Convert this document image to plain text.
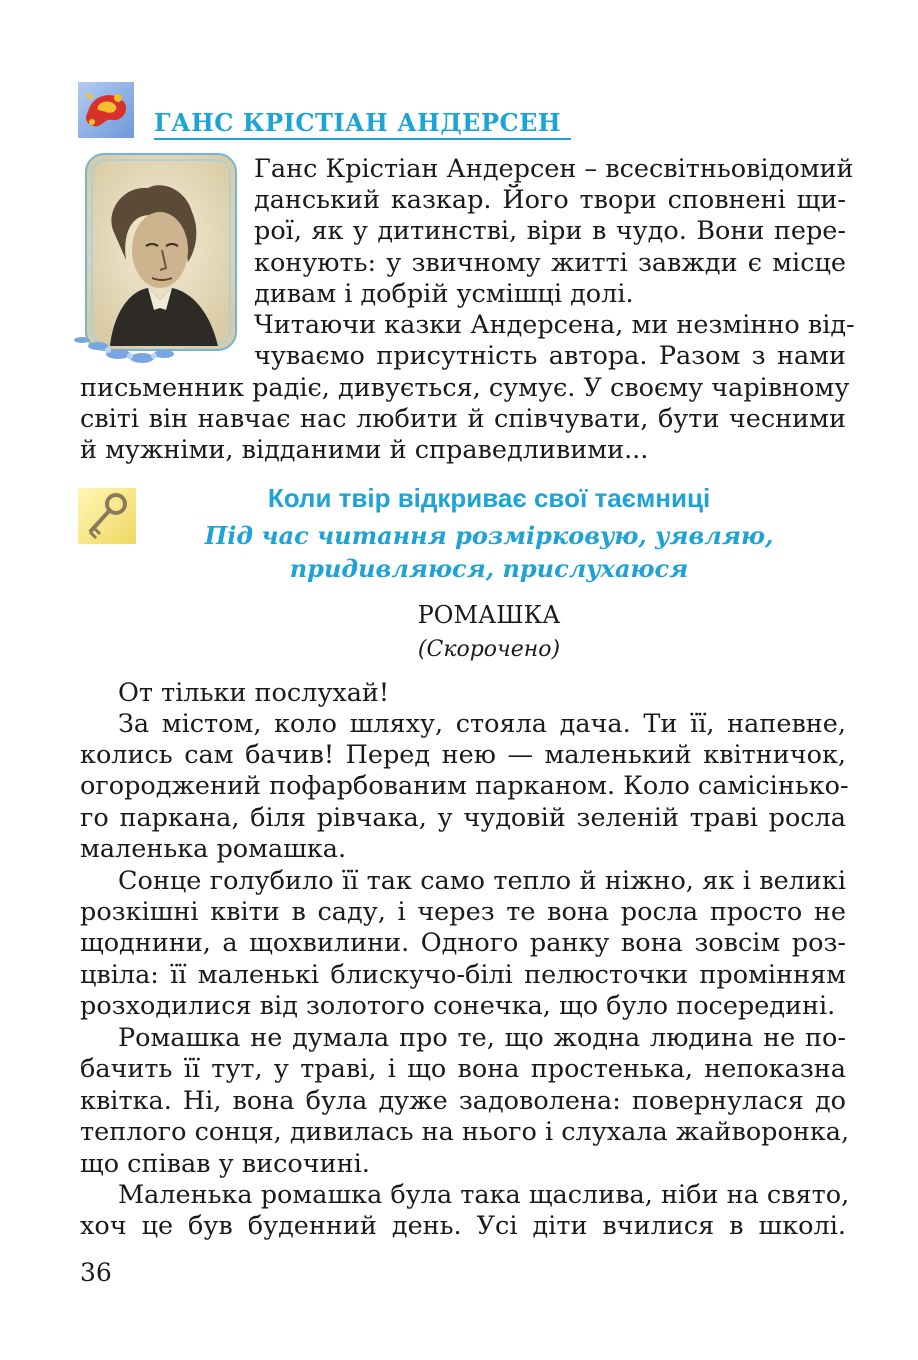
ГАНС КРІСТІАН АНДЕРСЕН
Ганс Крістіан Андерсен – всесвітньовідомий
данський казкар. Його твори сповнені щи-
рої, як у дитинстві, віри в чудо. Вони пере-
конують: у звичному житті завжди є місце
дивам і добрій усмішці долі.
Читаючи казки Андерсена, ми незмінно від-
чуваємо присутність автора. Разом з нами
письменник радіє, дивується, сумує. У своєму чарівному
світі він навчає нас любити й співчувати, бути чесними
й мужніми, відданими й справедливими...
Коли твір відкриває свої таємниці
Під час читання розмірковую, уявляю,
придивляюся, прислухаюся
РОМАШКА
(Скорочено)
От тільки послухай!
За містом, коло шляху, стояла дача. Ти її, напевне,
колись сам бачив! Перед нею — маленький квітничок,
огороджений пофарбованим парканом. Коло самісінько-
го паркана, біля рівчака, у чудовій зеленій траві росла
маленька ромашка.
Сонце голубило її так само тепло й ніжно, як і великі
розкішні квіти в саду, і через те вона росла просто не
щоднини, а щохвилини. Одного ранку вона зовсім роз-
цвіла: її маленькі блискучо-білі пелюсточки промінням
розходилися від золотого сонечка, що було посередині.
Ромашка не думала про те, що жодна людина не по-
бачить її тут, у траві, і що вона простенька, непоказна
квітка. Ні, вона була дуже задоволена: повернулася до
теплого сонця, дивилась на нього і слухала жайворонка,
що співав у височині.
Маленька ромашка була така щаслива, ніби на свято,
хоч це був буденний день. Усі діти вчилися в школі.
36
